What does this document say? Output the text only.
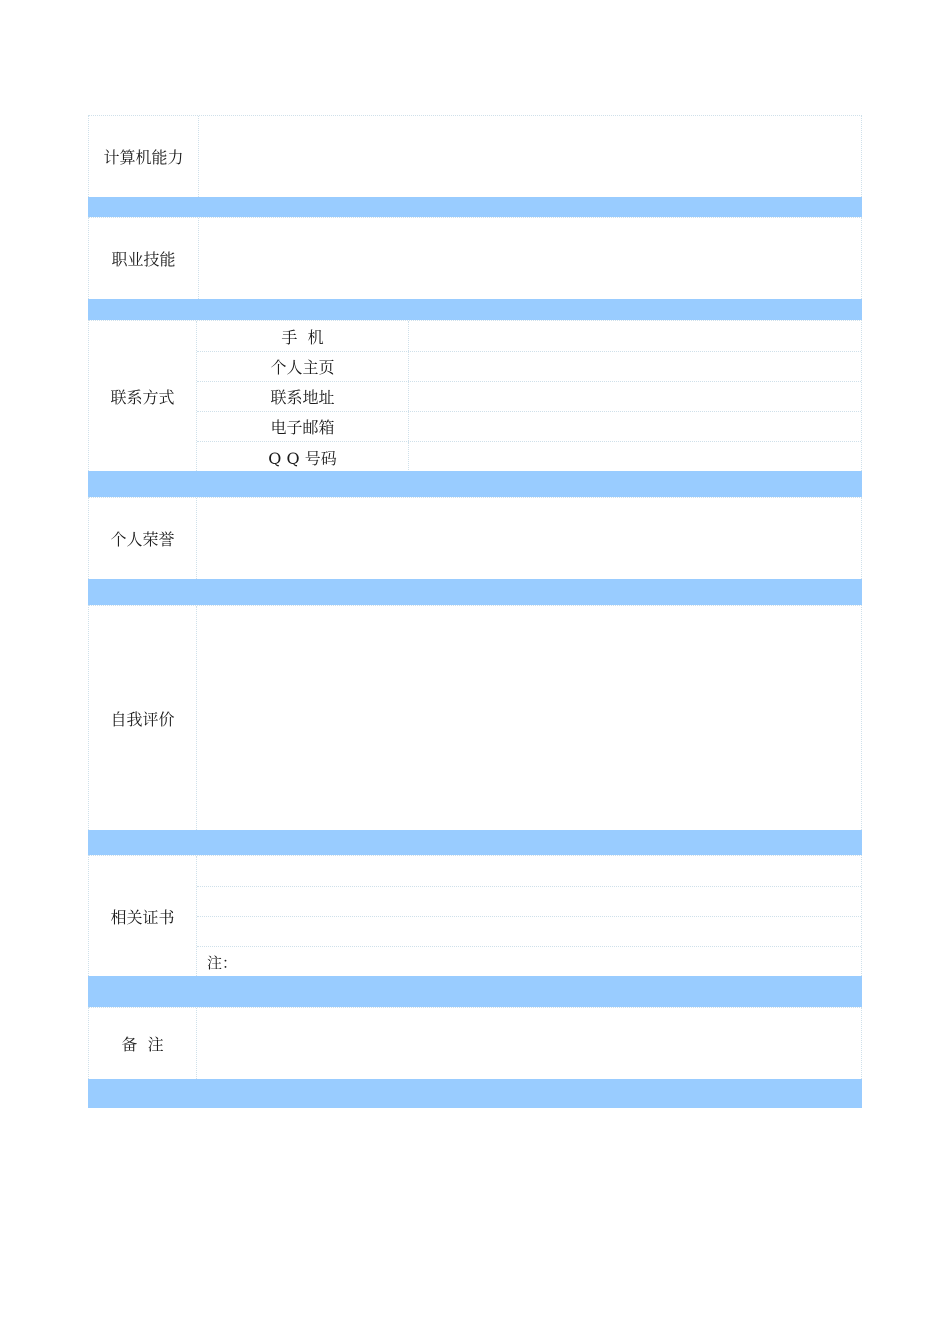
计算机能力
职业技能
联系方式
手  机
个人主页
联系地址
电子邮箱
Q Q 号码
个人荣誉
自我评价
相关证书
注：
备  注
